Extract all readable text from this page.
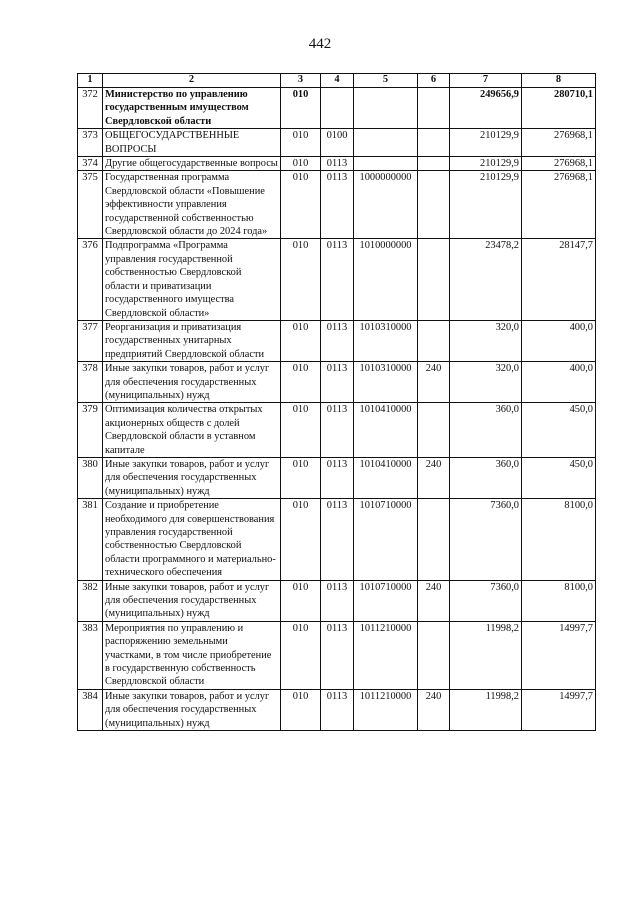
442
1	2	3	4	5	6	7	8
372	Министерство по управлению государственным имуществом Свердловской области	010				249656,9	280710,1
373	ОБЩЕГОСУДАРСТВЕННЫЕ ВОПРОСЫ	010	0100			210129,9	276968,1
374	Другие общегосударственные вопросы	010	0113			210129,9	276968,1
375	Государственная программа Свердловской области «Повышение эффективности управления государственной собственностью Свердловской области до 2024 года»	010	0113	1000000000		210129,9	276968,1
376	Подпрограмма «Программа управления государственной собственностью Свердловской области и приватизации государственного имущества Свердловской области»	010	0113	1010000000		23478,2	28147,7
377	Реорганизация и приватизация государственных унитарных предприятий Свердловской области	010	0113	1010310000		320,0	400,0
378	Иные закупки товаров, работ и услуг для обеспечения государственных (муниципальных) нужд	010	0113	1010310000	240	320,0	400,0
379	Оптимизация количества открытых акционерных обществ с долей Свердловской области в уставном капитале	010	0113	1010410000		360,0	450,0
380	Иные закупки товаров, работ и услуг для обеспечения государственных (муниципальных) нужд	010	0113	1010410000	240	360,0	450,0
381	Создание и приобретение необходимого для совершенствования управления государственной собственностью Свердловской области программного и материально-технического обеспечения	010	0113	1010710000		7360,0	8100,0
382	Иные закупки товаров, работ и услуг для обеспечения государственных (муниципальных) нужд	010	0113	1010710000	240	7360,0	8100,0
383	Мероприятия по управлению и распоряжению земельными участками, в том числе приобретение в государственную собственность Свердловской области	010	0113	1011210000		11998,2	14997,7
384	Иные закупки товаров, работ и услуг для обеспечения государственных (муниципальных) нужд	010	0113	1011210000	240	11998,2	14997,7
